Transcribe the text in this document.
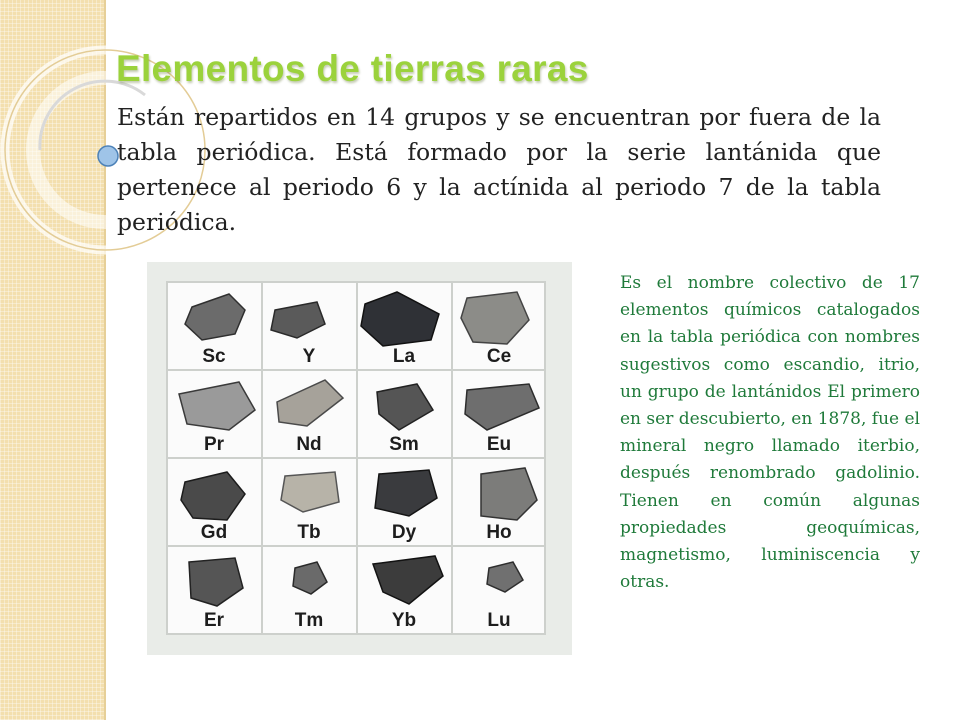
Elementos de tierras raras

Están repartidos en 14 grupos y se encuentran por fuera de la tabla periódica. Está formado por la serie lantánida que pertenece al periodo 6 y la actínida al periodo 7 de la tabla periódica.

Sc	Y	La	Ce
Pr	Nd	Sm	Eu
Gd	Tb	Dy	Ho
Er	Tm	Yb	Lu

Es el nombre colectivo de 17 elementos químicos catalogados en la tabla periódica con nombres sugestivos como escandio, itrio, un grupo de lantánidos El primero en ser descubierto, en 1878, fue el mineral negro llamado iterbio, después renombrado gadolinio. Tienen en común algunas propiedades geoquímicas, magnetismo, luminiscencia y otras.
